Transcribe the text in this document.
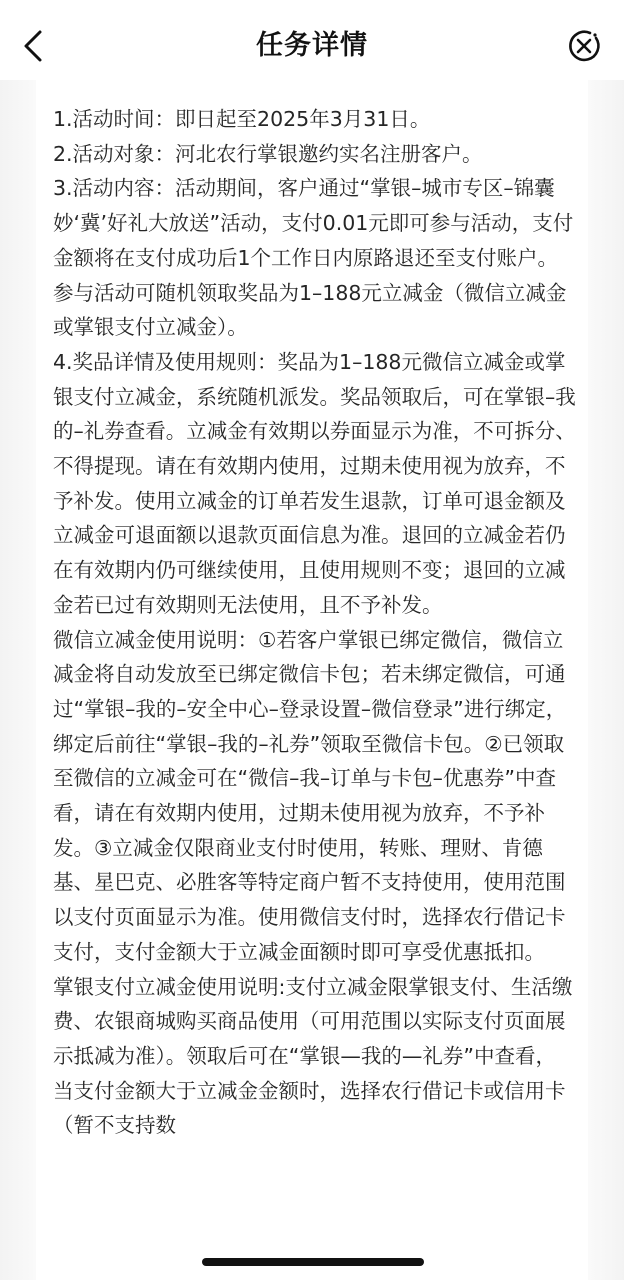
任务详情

1.活动时间：即日起至2025年3月31日。

2.活动对象：河北农行掌银邀约实名注册客户。

3.活动内容：活动期间，客户通过“掌银–城市专区–锦囊妙‘冀’好礼大放送”活动，支付0.01元即可参与活动，支付金额将在支付成功后1个工作日内原路退还至支付账户。参与活动可随机领取奖品为1–188元立减金（微信立减金或掌银支付立减金）。

4.奖品详情及使用规则：奖品为1–188元微信立减金或掌银支付立减金，系统随机派发。奖品领取后，可在掌银–我的–礼券查看。立减金有效期以券面显示为准，不可拆分、不得提现。请在有效期内使用，过期未使用视为放弃，不予补发。使用立减金的订单若发生退款，订单可退金额及立减金可退面额以退款页面信息为准。退回的立减金若仍在有效期内仍可继续使用，且使用规则不变；退回的立减金若已过有效期则无法使用，且不予补发。

微信立减金使用说明：①若客户掌银已绑定微信，微信立减金将自动发放至已绑定微信卡包；若未绑定微信，可通过“掌银–我的–安全中心–登录设置–微信登录”进行绑定，绑定后前往“掌银–我的–礼券”领取至微信卡包。②已领取至微信的立减金可在“微信–我–订单与卡包–优惠券”中查看，请在有效期内使用，过期未使用视为放弃，不予补发。③立减金仅限商业支付时使用，转账、理财、肯德基、星巴克、必胜客等特定商户暂不支持使用，使用范围以支付页面显示为准。使用微信支付时，选择农行借记卡支付，支付金额大于立减金面额时即可享受优惠抵扣。

掌银支付立减金使用说明:支付立减金限掌银支付、生活缴费、农银商城购买商品使用（可用范围以实际支付页面展示抵减为准）。领取后可在“掌银—我的—礼券”中查看，当支付金额大于立减金金额时，选择农行借记卡或信用卡（暂不支持数
